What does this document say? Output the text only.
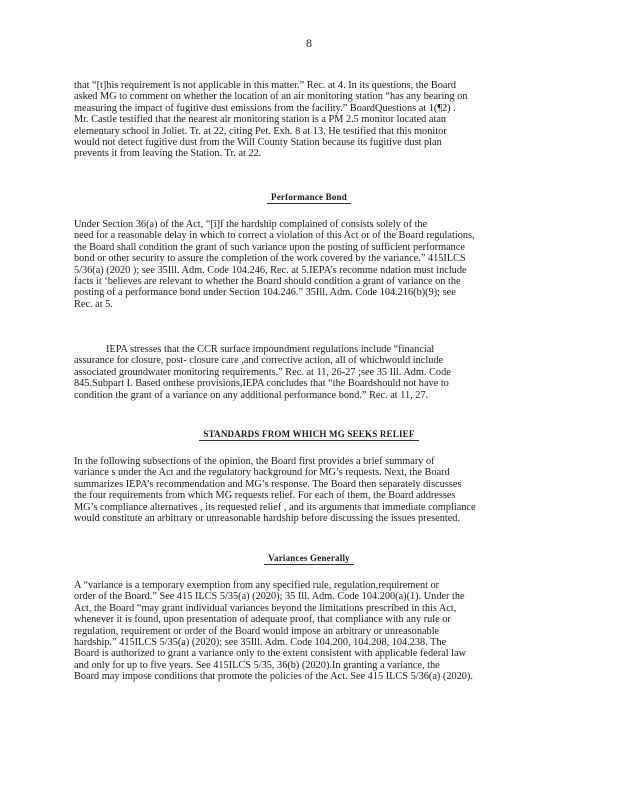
8
that “[t]his requirement is not applicable in this matter.” Rec. at 4. In its questions, the Board
asked MG to comment on whether the location of an air monitoring station “has any bearing on
measuring the impact of fugitive dust emissions from the facility.” BoardQuestions at 1(¶2) .
Mr. Castle testified that the nearest air monitoring station is a PM 2.5 monitor located atan
elementary school in Joliet. Tr. at 22, citing Pet. Exh. 8 at 13. He testified that this monitor
would not detect fugitive dust from the Will County Station because its fugitive dust plan
prevents it from leaving the Station. Tr. at 22.
Performance Bond
Under Section 36(a) of the Act, “[i]f the hardship complained of consists solely of the
need for a reasonable delay in which to correct a violation of this Act or of the Board regulations,
the Board shall condition the grant of such variance upon the posting of sufficient performance
bond or other security to assure the completion of the work covered by the variance.” 415ILCS
5/36(a) (2020 ); see 35Ill. Adm. Code 104.246, Rec. at 5.IEPA’s recomme ndation must include
facts it ‘believes are relevant to whether the Board should condition a grant of variance on the
posting of a performance bond under Section 104.246.” 35Ill. Adm. Code 104.216(b)(9); see
Rec. at 5.
IEPA stresses that the CCR surface impoundment regulations include “financial
assurance for closure, post- closure care ,and corrective action, all of whichwould include
associated groundwater monitoring requirements.” Rec. at 11, 26-27 ;see 35 Ill. Adm. Code
845.Subpart I. Based onthese provisions,IEPA concludes that “the Boardshould not have to
condition the grant of a variance on any additional performance bond.” Rec. at 11, 27.
STANDARDS FROM WHICH MG SEEKS RELIEF
In the following subsections of the opinion, the Board first provides a brief summary of
variance s under the Act and the regulatory background for MG’s requests. Next, the Board
summarizes IEPA’s recommendation and MG’s response. The Board then separately discusses
the four requirements from which MG requests relief. For each of them, the Board addresses
MG’s compliance alternatives , its requested relief , and its arguments that immediate compliance
would constitute an arbitrary or unreasonable hardship before discussing the issues presented.
Variances Generally
A “variance is a temporary exemption from any specified rule, regulation,requirement or
order of the Board.” See 415 ILCS 5/35(a) (2020); 35 Ill. Adm. Code 104.200(a)(1). Under the
Act, the Board “may grant individual variances beyond the limitations prescribed in this Act,
whenever it is found, upon presentation of adequate proof, that compliance with any rule or
regulation, requirement or order of the Board would impose an arbitrary or unreasonable
hardship.” 415ILCS 5/35(a) (2020); see 35Ill. Adm. Code 104.200, 104.208, 104.238. The
Board is authorized to grant a variance only to the extent consistent with applicable federal law
and only for up to five years. See 415ILCS 5/35, 36(b) (2020).In granting a variance, the
Board may impose conditions that promote the policies of the Act. See 415 ILCS 5/36(a) (2020).
